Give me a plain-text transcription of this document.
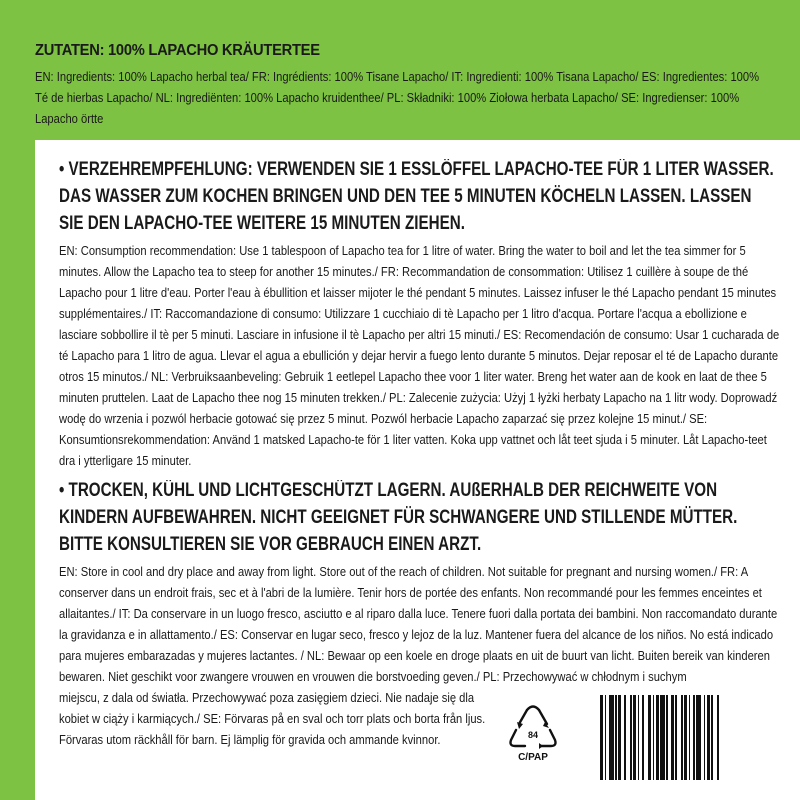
ZUTATEN: 100% LAPACHO KRÄUTERTEE

EN: Ingredients: 100% Lapacho herbal tea/ FR: Ingrédients: 100% Tisane Lapacho/ IT: Ingredienti: 100% Tisana Lapacho/ ES: Ingredientes: 100% Té de hierbas Lapacho/ NL: Ingrediënten: 100% Lapacho kruidenthee/ PL: Składniki: 100% Ziołowa herbata Lapacho/ SE: Ingredienser: 100% Lapacho örtte

• VERZEHREMPFEHLUNG: VERWENDEN SIE 1 ESSLÖFFEL LAPACHO-TEE FÜR 1 LITER WASSER. DAS WASSER ZUM KOCHEN BRINGEN UND DEN TEE 5 MINUTEN KÖCHELN LASSEN. LASSEN SIE DEN LAPACHO-TEE WEITERE 15 MINUTEN ZIEHEN.

EN: Consumption recommendation: Use 1 tablespoon of Lapacho tea for 1 litre of water. Bring the water to boil and let the tea simmer for 5 minutes. Allow the Lapacho tea to steep for another 15 minutes./ FR: Recommandation de consommation: Utilisez 1 cuillère à soupe de thé Lapacho pour 1 litre d'eau. Porter l'eau à ébullition et laisser mijoter le thé pendant 5 minutes. Laissez infuser le thé Lapacho pendant 15 minutes supplémentaires./ IT: Raccomandazione di consumo: Utilizzare 1 cucchiaio di tè Lapacho per 1 litro d'acqua. Portare l'acqua a ebollizione e lasciare sobbollire il tè per 5 minuti. Lasciare in infusione il tè Lapacho per altri 15 minuti./ ES: Recomendación de consumo: Usar 1 cucharada de té Lapacho para 1 litro de agua. Llevar el agua a ebullición y dejar hervir a fuego lento durante 5 minutos. Dejar reposar el té de Lapacho durante otros 15 minutos./ NL: Verbruiksaanbeveling: Gebruik 1 eetlepel Lapacho thee voor 1 liter water. Breng het water aan de kook en laat de thee 5 minuten pruttelen. Laat de Lapacho thee nog 15 minuten trekken./ PL: Zalecenie zużycia: Użyj 1 łyżki herbaty Lapacho na 1 litr wody. Doprowadź wodę do wrzenia i pozwól herbacie gotować się przez 5 minut. Pozwól herbacie Lapacho zaparzać się przez kolejne 15 minut./ SE: Konsumtionsrekommendation: Använd 1 matsked Lapacho-te för 1 liter vatten. Koka upp vattnet och låt teet sjuda i 5 minuter. Låt Lapacho-teet dra i ytterligare 15 minuter.

• TROCKEN, KÜHL UND LICHTGESCHÜTZT LAGERN. AUßERHALB DER REICHWEITE VON KINDERN AUFBEWAHREN. NICHT GEEIGNET FÜR SCHWANGERE UND STILLENDE MÜTTER. BITTE KONSULTIEREN SIE VOR GEBRAUCH EINEN ARZT.

EN: Store in cool and dry place and away from light. Store out of the reach of children. Not suitable for pregnant and nursing women./ FR: A conserver dans un endroit frais, sec et à l'abri de la lumière. Tenir hors de portée des enfants. Non recommandé pour les femmes enceintes et allaitantes./ IT: Da conservare in un luogo fresco, asciutto e al riparo dalla luce. Tenere fuori dalla portata dei bambini. Non raccomandato durante la gravidanza e in allattamento./ ES: Conservar en lugar seco, fresco y lejoz de la luz. Mantener fuera del alcance de los niños. No está indicado para mujeres embarazadas y mujeres lactantes. / NL: Bewaar op een koele en droge plaats en uit de buurt van licht. Buiten bereik van kinderen bewaren. Niet geschikt voor zwangere vrouwen en vrouwen die borstvoeding geven./ PL: Przechowywać w chłodnym i suchym

miejscu, z dala od światła. Przechowywać poza zasięgiem dzieci. Nie nadaje się dla kobiet w ciąży i karmiących./ SE: Förvaras på en sval och torr plats och borta från ljus. Förvaras utom räckhåll för barn. Ej lämplig för gravida och ammande kvinnor.	84
C/PAP
